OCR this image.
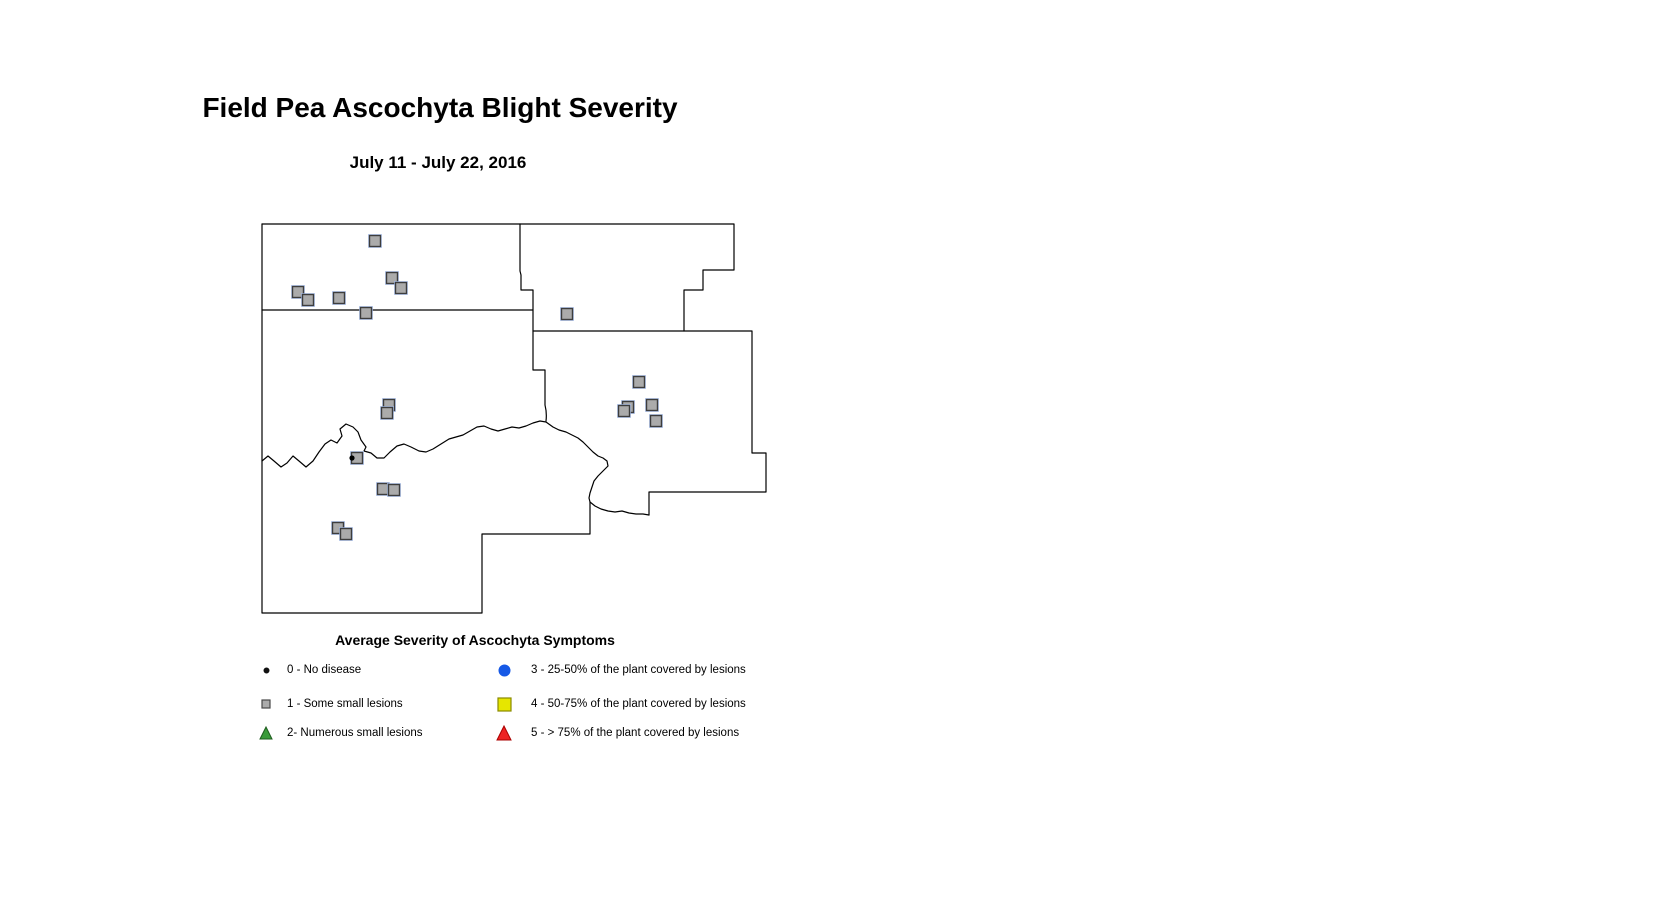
Field Pea Ascochyta Blight Severity
July 11 - July 22, 2016
Average Severity of Ascochyta Symptoms
0 - No disease
1 - Some small lesions
2- Numerous small lesions
3 - 25-50% of the plant covered by lesions
4 - 50-75% of the plant covered by lesions
5 - > 75% of the plant covered by lesions
